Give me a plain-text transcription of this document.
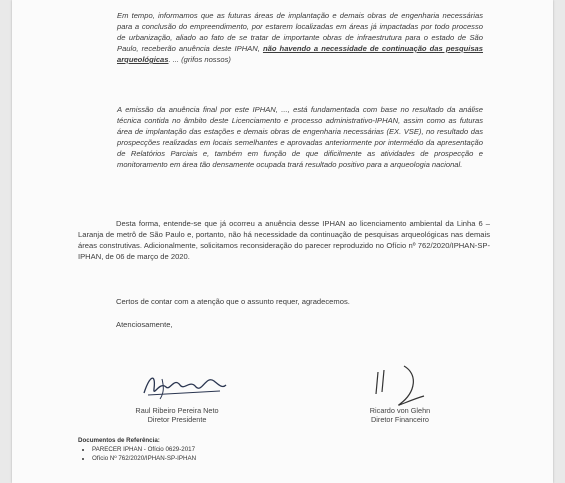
Em tempo, informamos que as futuras áreas de implantação e demais obras de engenharia necessárias para a conclusão do empreendimento, por estarem localizadas em áreas já impactadas por todo processo de urbanização, aliado ao fato de se tratar de importante obras de infraestrutura para o estado de São Paulo, receberão anuência deste IPHAN, não havendo a necessidade de continuação das pesquisas arqueológicas. ... (grifos nossos)
A emissão da anuência final por este IPHAN, ..., está fundamentada com base no resultado da análise técnica contida no âmbito deste Licenciamento e processo administrativo-IPHAN, assim como as futuras área de implantação das estações e demais obras de engenharia necessárias (EX. VSE), no resultado das prospecções realizadas em locais semelhantes e aprovadas anteriormente por intermédio da apresentação de Relatórios Parciais e, também em função de que dificilmente as atividades de prospecção e monitoramento em área tão densamente ocupada trará resultado positivo para a arqueologia nacional.
Desta forma, entende-se que já ocorreu a anuência desse IPHAN ao licenciamento ambiental da Linha 6 – Laranja de metrô de São Paulo e, portanto, não há necessidade da continuação de pesquisas arqueológicas nas demais áreas construtivas. Adicionalmente, solicitamos reconsideração do parecer reproduzido no Ofício nº 762/2020/IPHAN-SP-IPHAN, de 06 de março de 2020.
Certos de contar com a atenção que o assunto requer, agradecemos.
Atenciosamente,
Raul Ribeiro Pereira Neto
Diretor Presidente
Ricardo von Glehn
Diretor Financeiro
Documentos de Referência:
• PARECER IPHAN - Ofício 0629-2017
• Ofício Nº 762/2020/IPHAN-SP-IPHAN
